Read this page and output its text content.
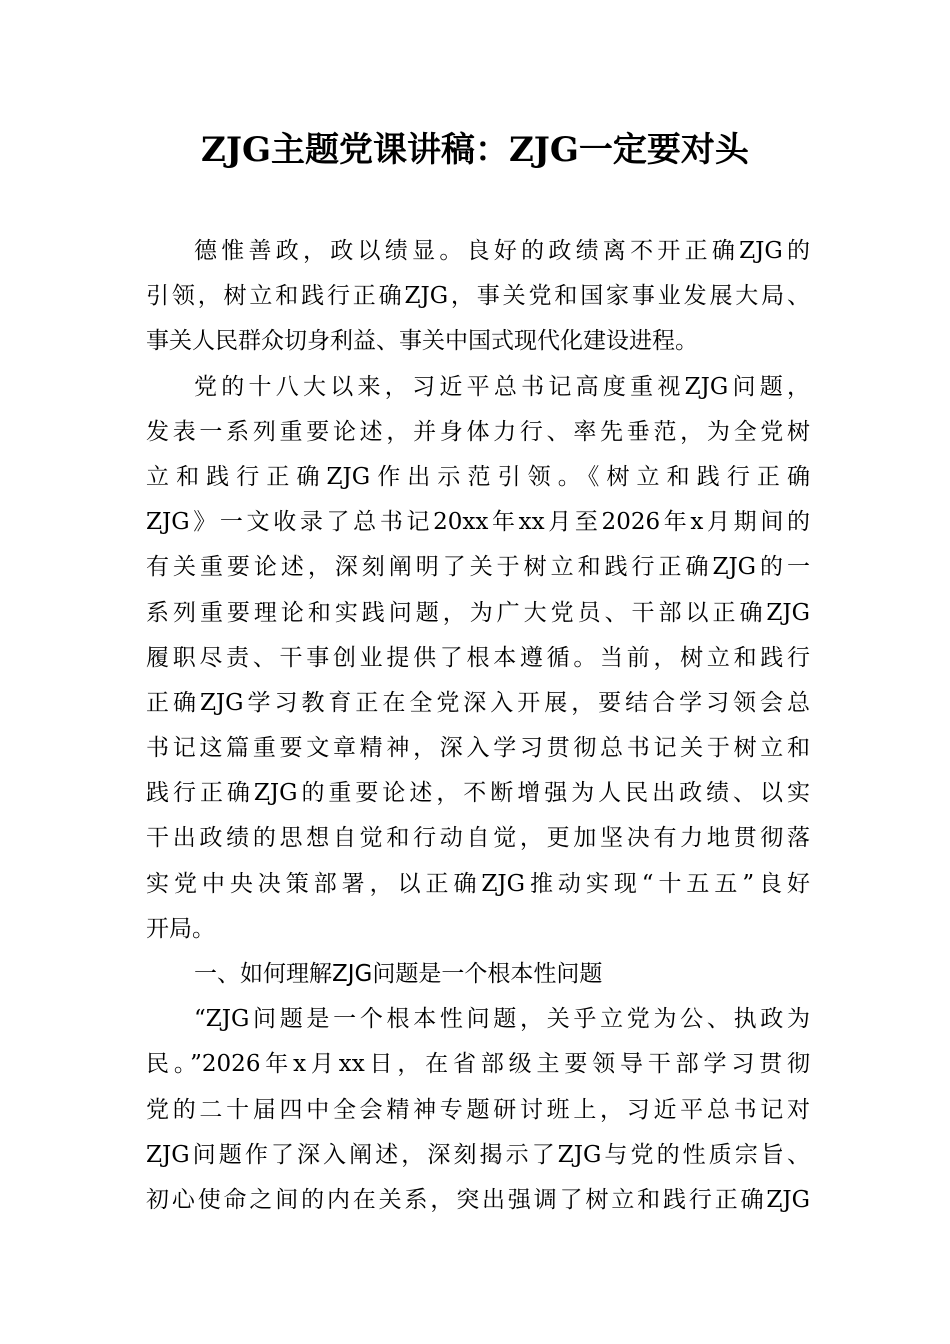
ZJG主题党课讲稿：ZJG一定要对头
德惟善政，政以绩显。良好的政绩离不开正确ZJG的
引领，树立和践行正确ZJG，事关党和国家事业发展大局、
事关人民群众切身利益、事关中国式现代化建设进程。
党的十八大以来，习近平总书记高度重视ZJG问题，
发表一系列重要论述，并身体力行、率先垂范，为全党树
立和践行正确ZJG作出示范引领。《树立和践行正确
ZJG》一文收录了总书记20xx年xx月至2026年x月期间的
有关重要论述，深刻阐明了关于树立和践行正确ZJG的一
系列重要理论和实践问题，为广大党员、干部以正确ZJG
履职尽责、干事创业提供了根本遵循。当前，树立和践行
正确ZJG学习教育正在全党深入开展，要结合学习领会总
书记这篇重要文章精神，深入学习贯彻总书记关于树立和
践行正确ZJG的重要论述，不断增强为人民出政绩、以实
干出政绩的思想自觉和行动自觉，更加坚决有力地贯彻落
实党中央决策部署，以正确ZJG推动实现“十五五”良好
开局。
一、如何理解ZJG问题是一个根本性问题
“ZJG问题是一个根本性问题，关乎立党为公、执政为
民。”2026年x月xx日，在省部级主要领导干部学习贯彻
党的二十届四中全会精神专题研讨班上，习近平总书记对
ZJG问题作了深入阐述，深刻揭示了ZJG与党的性质宗旨、
初心使命之间的内在关系，突出强调了树立和践行正确ZJG
